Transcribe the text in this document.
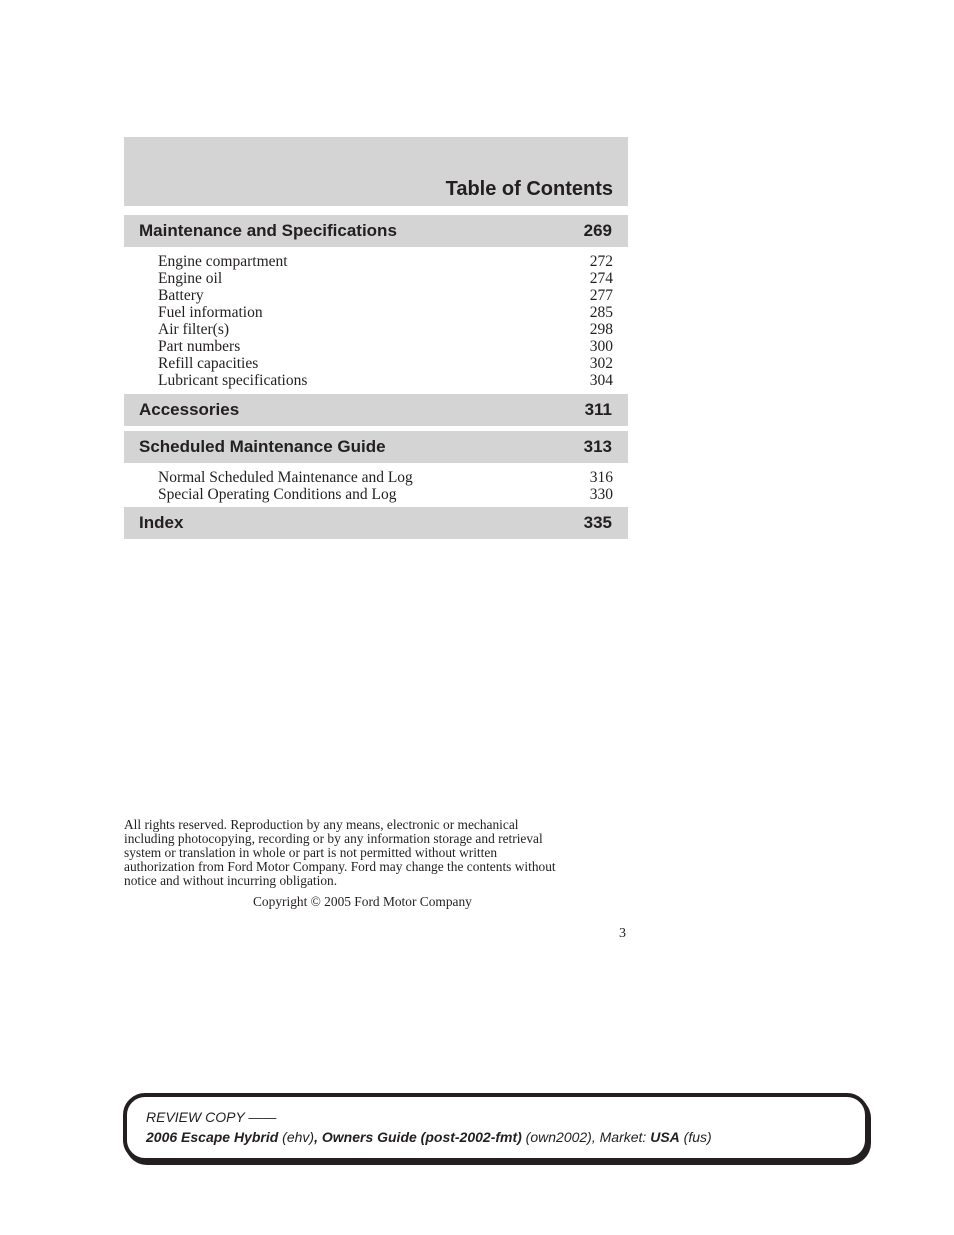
Table of Contents
Maintenance and Specifications	269
Engine compartment	272
Engine oil	274
Battery	277
Fuel information	285
Air filter(s)	298
Part numbers	300
Refill capacities	302
Lubricant specifications	304
Accessories	311
Scheduled Maintenance Guide	313
Normal Scheduled Maintenance and Log	316
Special Operating Conditions and Log	330
Index	335
All rights reserved. Reproduction by any means, electronic or mechanical
including photocopying, recording or by any information storage and retrieval
system or translation in whole or part is not permitted without written
authorization from Ford Motor Company. Ford may change the contents without
notice and without incurring obligation.
Copyright © 2005 Ford Motor Company
3
REVIEW COPY ——
2006 Escape Hybrid (ehv), Owners Guide (post-2002-fmt) (own2002), Market: USA (fus)
